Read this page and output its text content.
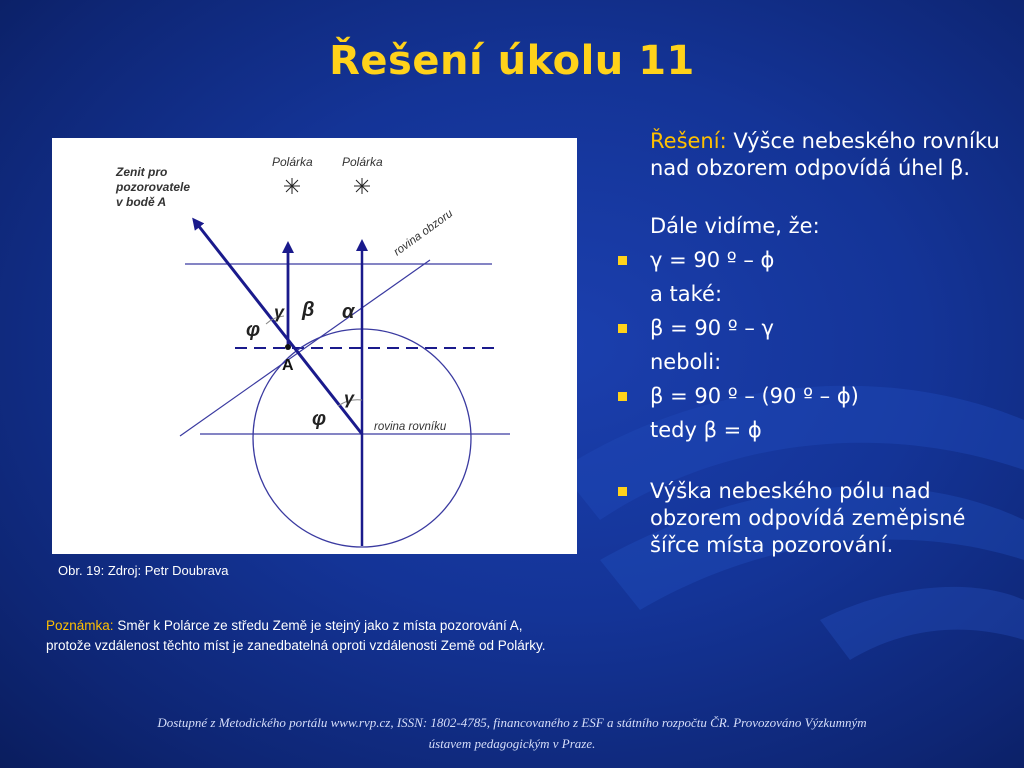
Řešení úkolu 11
Zenit pro
pozorovatele
v bodě A
Polárka Polárka
rovina obzoru
rovina rovníku
A
φ
γ β α
γ
φ
Obr. 19: Zdroj: Petr Doubrava
Poznámka: Směr k Polárce ze středu Země je stejný jako z místa pozorování A, protože vzdálenost těchto míst je zanedbatelná oproti vzdálenosti Země od Polárky.

Řešení: Výšce nebeského rovníku nad obzorem odpovídá úhel β.

Dále vidíme, že:

γ = 90 º – ϕ

a také:

β = 90 º – γ

neboli:

β = 90 º – (90 º – ϕ)

tedy β = ϕ

Výška nebeského pólu nad obzorem odpovídá zeměpisné šířce místa pozorování.
Dostupné z Metodického portálu www.rvp.cz, ISSN: 1802-4785, financovaného z ESF a státního rozpočtu ČR. Provozováno Výzkumným
ústavem pedagogickým v Praze.
